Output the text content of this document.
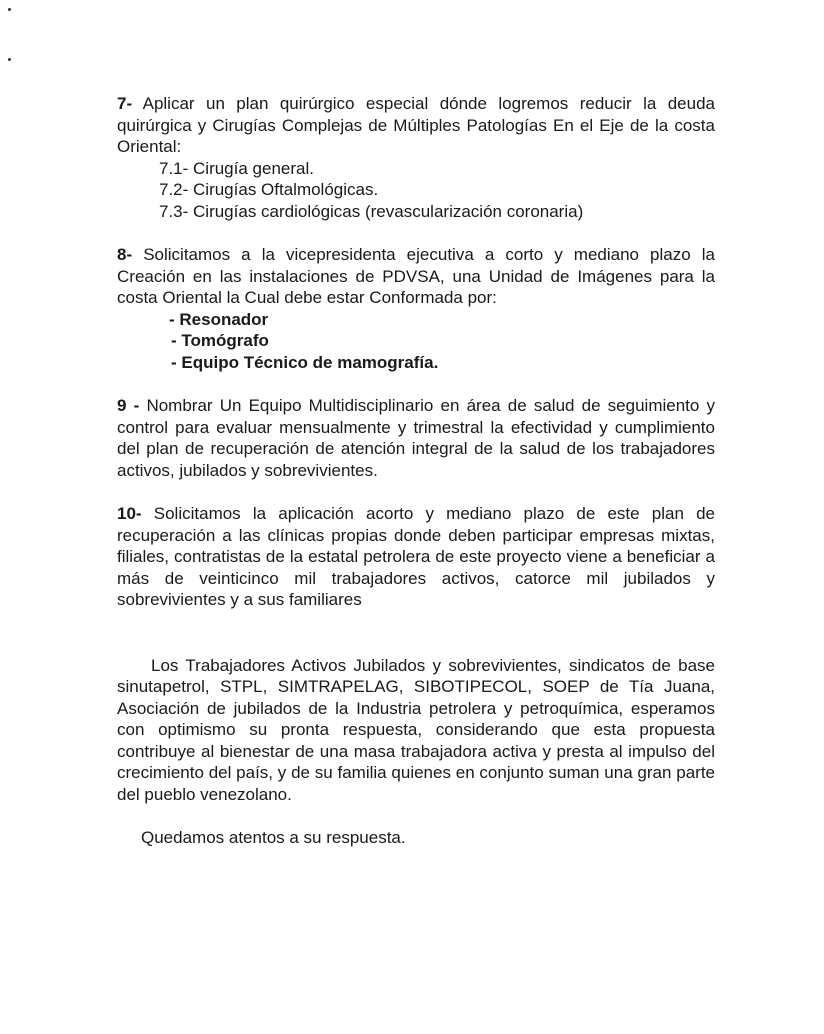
7- Aplicar un plan quirúrgico especial dónde logremos reducir la deuda quirúrgica y Cirugías Complejas de Múltiples Patologías En el Eje de la costa Oriental:

7.1- Cirugía general.

7.2- Cirugías Oftalmológicas.

7.3- Cirugías cardiológicas (revascularización coronaria)

8- Solicitamos a la vicepresidenta ejecutiva a corto y mediano plazo la Creación en las instalaciones de PDVSA, una Unidad de Imágenes para la costa Oriental la Cual debe estar Conformada por:

- Resonador

- Tomógrafo

- Equipo Técnico de mamografía.

9 - Nombrar Un Equipo Multidisciplinario en área de salud de seguimiento y control para evaluar mensualmente y trimestral la efectividad y cumplimiento del plan de recuperación de atención integral de la salud de los trabajadores activos, jubilados y sobrevivientes.

10- Solicitamos la aplicación acorto y mediano plazo de este plan de recuperación a las clínicas propias donde deben participar empresas mixtas, filiales, contratistas de la estatal petrolera de este proyecto viene a beneficiar a más de veinticinco mil trabajadores activos, catorce mil jubilados y sobrevivientes y a sus familiares

Los Trabajadores Activos Jubilados y sobrevivientes, sindicatos de base sinutapetrol, STPL, SIMTRAPELAG, SIBOTIPECOL, SOEP de Tía Juana, Asociación de jubilados de la Industria petrolera y petroquímica, esperamos con optimismo su pronta respuesta, considerando que esta propuesta contribuye al bienestar de una masa trabajadora activa y presta al impulso del crecimiento del país, y de su familia quienes en conjunto suman una gran parte del pueblo venezolano.

Quedamos atentos a su respuesta.
